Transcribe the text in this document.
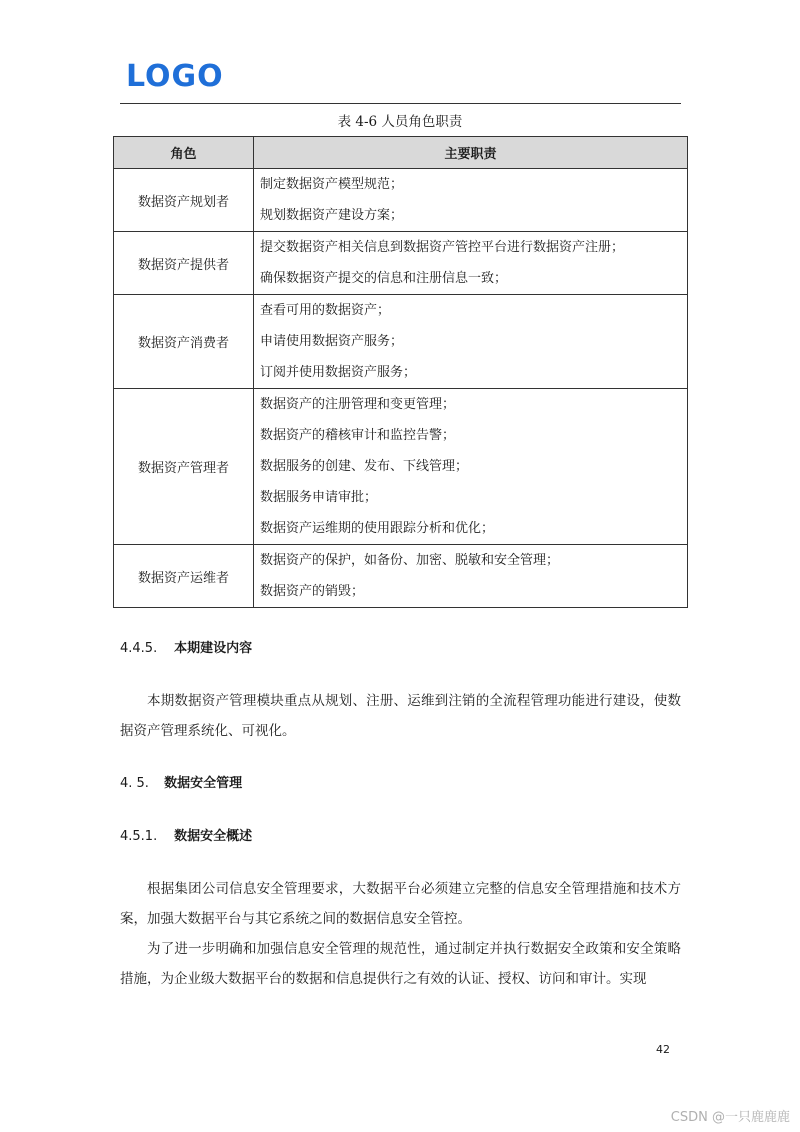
LOGO
表 4-6 人员角色职责
角色	主要职责
数据资产规划者	制定数据资产模型规范；
规划数据资产建设方案；

数据资产提供者	提交数据资产相关信息到数据资产管控平台进行数据资产注册；
确保数据资产提交的信息和注册信息一致；

数据资产消费者	查看可用的数据资产；
申请使用数据资产服务；
订阅并使用数据资产服务；

数据资产管理者	数据资产的注册管理和变更管理；
数据资产的稽核审计和监控告警；
数据服务的创建、发布、下线管理；
数据服务申请审批；
数据资产运维期的使用跟踪分析和优化；

数据资产运维者	数据资产的保护，如备份、加密、脱敏和安全管理；
数据资产的销毁；
4.4.5. 本期建设内容
本期数据资产管理模块重点从规划、注册、运维到注销的全流程管理功能进行建设，使数据资产管理系统化、可视化。
4. 5. 数据安全管理
4.5.1. 数据安全概述
根据集团公司信息安全管理要求，大数据平台必须建立完整的信息安全管理措施和技术方案，加强大数据平台与其它系统之间的数据信息安全管控。
为了进一步明确和加强信息安全管理的规范性，通过制定并执行数据安全政策和安全策略措施，为企业级大数据平台的数据和信息提供行之有效的认证、授权、访问和审计。实现
42
CSDN @一只鹿鹿鹿
